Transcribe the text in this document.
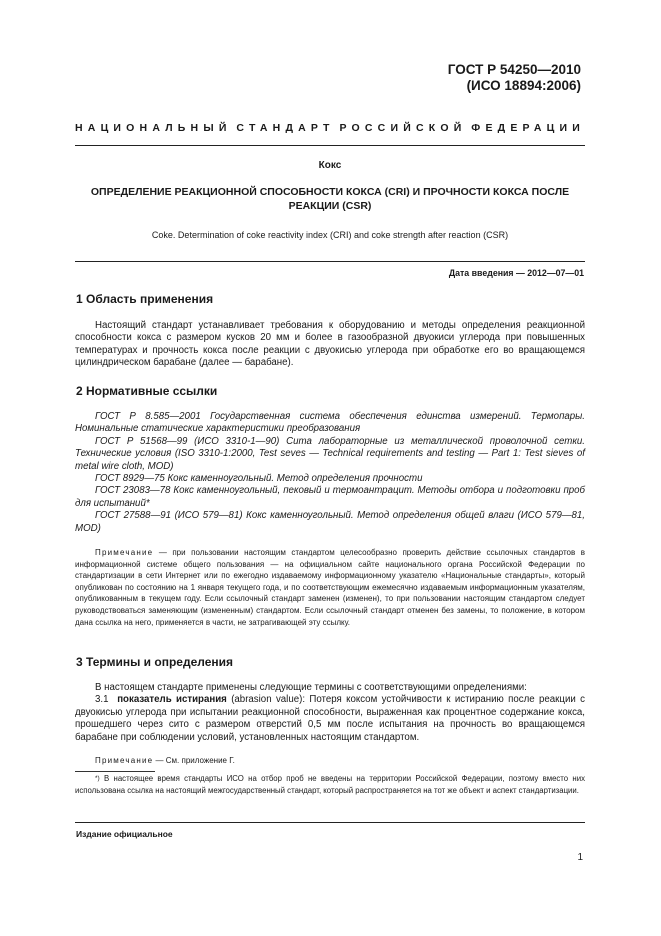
ГОСТ Р 54250—2010
(ИСО 18894:2006)
НАЦИОНАЛЬНЫЙ СТАНДАРТ РОССИЙСКОЙ ФЕДЕРАЦИИ
Кокс
ОПРЕДЕЛЕНИЕ РЕАКЦИОННОЙ СПОСОБНОСТИ КОКСА (CRI) И ПРОЧНОСТИ КОКСА ПОСЛЕ РЕАКЦИИ (CSR)
Coke. Determination of coke reactivity index (CRI) and coke strength after reaction (CSR)
Дата введения — 2012—07—01
1 Область применения

Настоящий стандарт устанавливает требования к оборудованию и методы определения реакционной способности кокса с размером кусков 20 мм и более в газообразной двуокиси углерода при повышенных температурах и прочность кокса после реакции с двуокисью углерода при обработке его во вращающемся цилиндрическом барабане (далее — барабане).

2 Нормативные ссылки

ГОСТ Р 8.585—2001 Государственная система обеспечения единства измерений. Термопары. Номинальные статические характеристики преобразования

ГОСТ Р 51568—99 (ИСО 3310-1—90) Сита лабораторные из металлической проволочной сетки. Технические условия (ISO 3310-1:2000, Test seves — Technical requirements and testing — Part 1: Test sieves of metal wire cloth, MOD)

ГОСТ 8929—75 Кокс каменноугольный. Метод определения прочности

ГОСТ 23083—78 Кокс каменноугольный, пековый и термоантрацит. Методы отбора и подготовки проб для испытаний*

ГОСТ 27588—91 (ИСО 579—81) Кокс каменноугольный. Метод определения общей влаги (ИСО 579—81, MOD)

Примечание — при пользовании настоящим стандартом целесообразно проверить действие ссылочных стандартов в информационной системе общего пользования — на официальном сайте национального органа Российской Федерации по стандартизации в сети Интернет или по ежегодно издаваемому информационному указателю «Национальные стандарты», который опубликован по состоянию на 1 января текущего года, и по соответствующим ежемесячно издаваемым информационным указателям, опубликованным в текущем году. Если ссылочный стандарт заменен (изменен), то при пользовании настоящим стандартом следует руководствоваться заменяющим (измененным) стандартом. Если ссылочный стандарт отменен без замены, то положение, в котором дана ссылка на него, применяется в части, не затрагивающей эту ссылку.

3 Термины и определения

В настоящем стандарте применены следующие термины с соответствующими определениями:

3.1 показатель истирания (abrasion value): Потеря коксом устойчивости к истиранию после реакции с двуокисью углерода при испытании реакционной способности, выраженная как процентное содержание кокса, прошедшего через сито с размером отверстий 0,5 мм после испытания на прочность во вращающемся барабане при соблюдении условий, установленных настоящим стандартом.

Примечание — См. приложение Г.

*) В настоящее время стандарты ИСО на отбор проб не введены на территории Российской Федерации, поэтому вместо них использована ссылка на настоящий межгосударственный стандарт, который распространяется на тот же объект и аспект стандартизации.
Издание официальное
1
